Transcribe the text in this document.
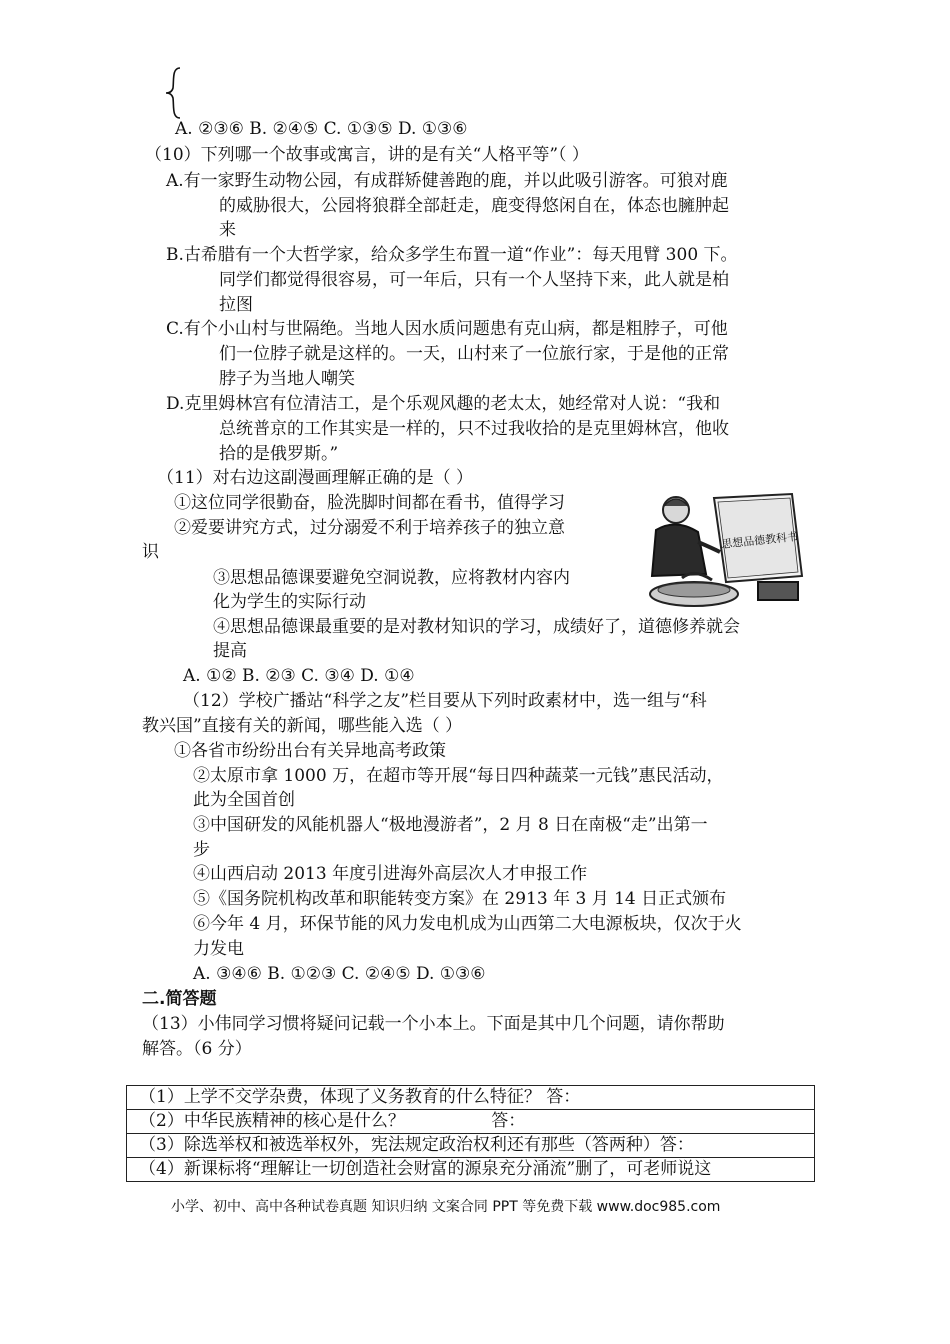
A. ②③⑥ B. ②④⑤ C. ①③⑤ D. ①③⑥
（10）下列哪一个故事或寓言，讲的是有关“人格平等”（ ）
A.有一家野生动物公园，有成群矫健善跑的鹿，并以此吸引游客。可狼对鹿
的威胁很大，公园将狼群全部赶走，鹿变得悠闲自在，体态也臃肿起
来
B.古希腊有一个大哲学家，给众多学生布置一道“作业”：每天甩臂 300 下。
同学们都觉得很容易，可一年后，只有一个人坚持下来，此人就是柏
拉图
C.有个小山村与世隔绝。当地人因水质问题患有克山病，都是粗脖子，可他
们一位脖子就是这样的。一天，山村来了一位旅行家，于是他的正常
脖子为当地人嘲笑
D.克里姆林宫有位清洁工，是个乐观风趣的老太太，她经常对人说：“我和
总统普京的工作其实是一样的，只不过我收拾的是克里姆林宫，他收
拾的是俄罗斯。”
（11）对右边这副漫画理解正确的是（ ）
①这位同学很勤奋，脸洗脚时间都在看书，值得学习
②爱要讲究方式，过分溺爱不利于培养孩子的独立意
识
③思想品德课要避免空洞说教，应将教材内容内
化为学生的实际行动
④思想品德课最重要的是对教材知识的学习，成绩好了，道德修养就会
提高
A. ①② B. ②③ C. ③④ D. ①④
思想品德教科书
（12）学校广播站“科学之友”栏目要从下列时政素材中，选一组与“科
教兴国”直接有关的新闻，哪些能入选（ ）
①各省市纷纷出台有关异地高考政策
②太原市拿 1000 万，在超市等开展“每日四种蔬菜一元钱”惠民活动，
此为全国首创
③中国研发的风能机器人“极地漫游者”，2 月 8 日在南极“走”出第一
步
④山西启动 2013 年度引进海外高层次人才申报工作
⑤《国务院机构改革和职能转变方案》在 2913 年 3 月 14 日正式颁布
⑥今年 4 月，环保节能的风力发电机成为山西第二大电源板块，仅次于火
力发电
A. ③④⑥ B. ①②③ C. ②④⑤ D. ①③⑥
二.简答题
（13）小伟同学习惯将疑问记载一个小本上。下面是其中几个问题，请你帮助
解答。（6 分）
（1）上学不交学杂费，体现了义务教育的什么特征？ 答：
（2）中华民族精神的核心是什么？                答：
（3）除选举权和被选举权外，宪法规定政治权利还有那些（答两种）答：
（4）新课标将“理解让一切创造社会财富的源泉充分涌流”删了，可老师说这
小学、初中、高中各种试卷真题 知识归纳 文案合同 PPT 等免费下载 www.doc985.com
